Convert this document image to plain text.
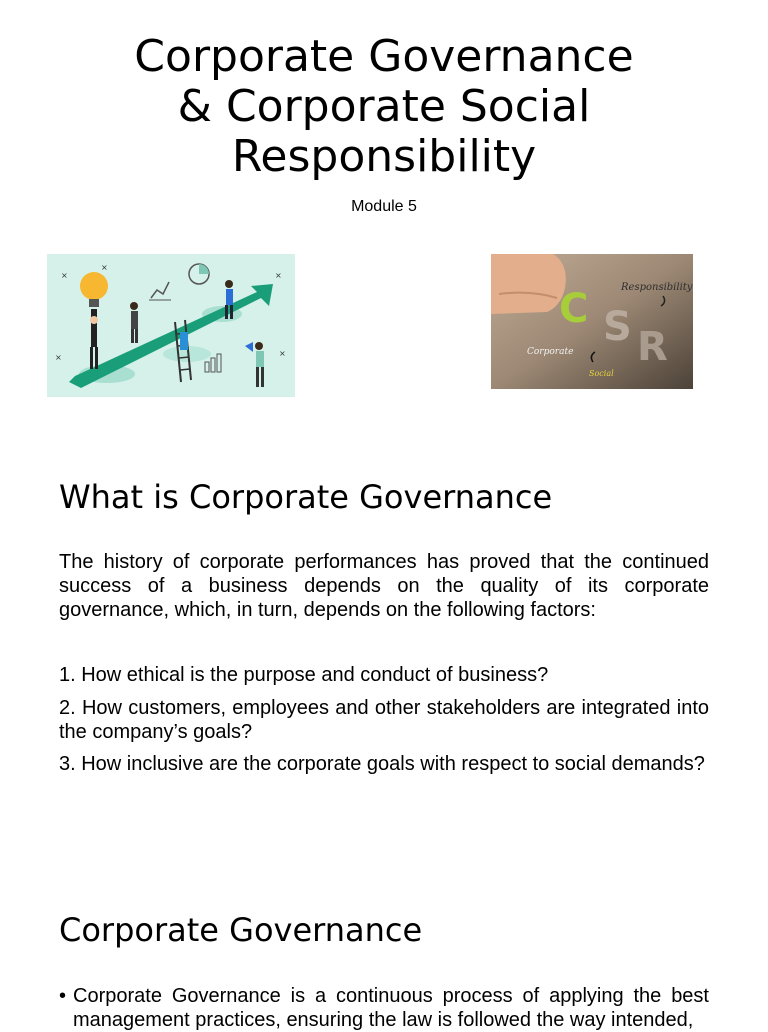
Corporate Governance
& Corporate Social
Responsibility
Module 5
×
×
×
×
×
C S R
Responsibility
Corporate
Social
What is Corporate Governance

The history of corporate performances has proved that the continued success of a business depends on the quality of its corporate governance, which, in turn, depends on the following factors:

1. How ethical is the purpose and conduct of business?

2. How customers, employees and other stakeholders are integrated into the company’s goals?

3. How inclusive are the corporate goals with respect to social demands?

Corporate Governance
• Corporate Governance is a continuous process of applying the best management practices, ensuring the law is followed the way intended,
